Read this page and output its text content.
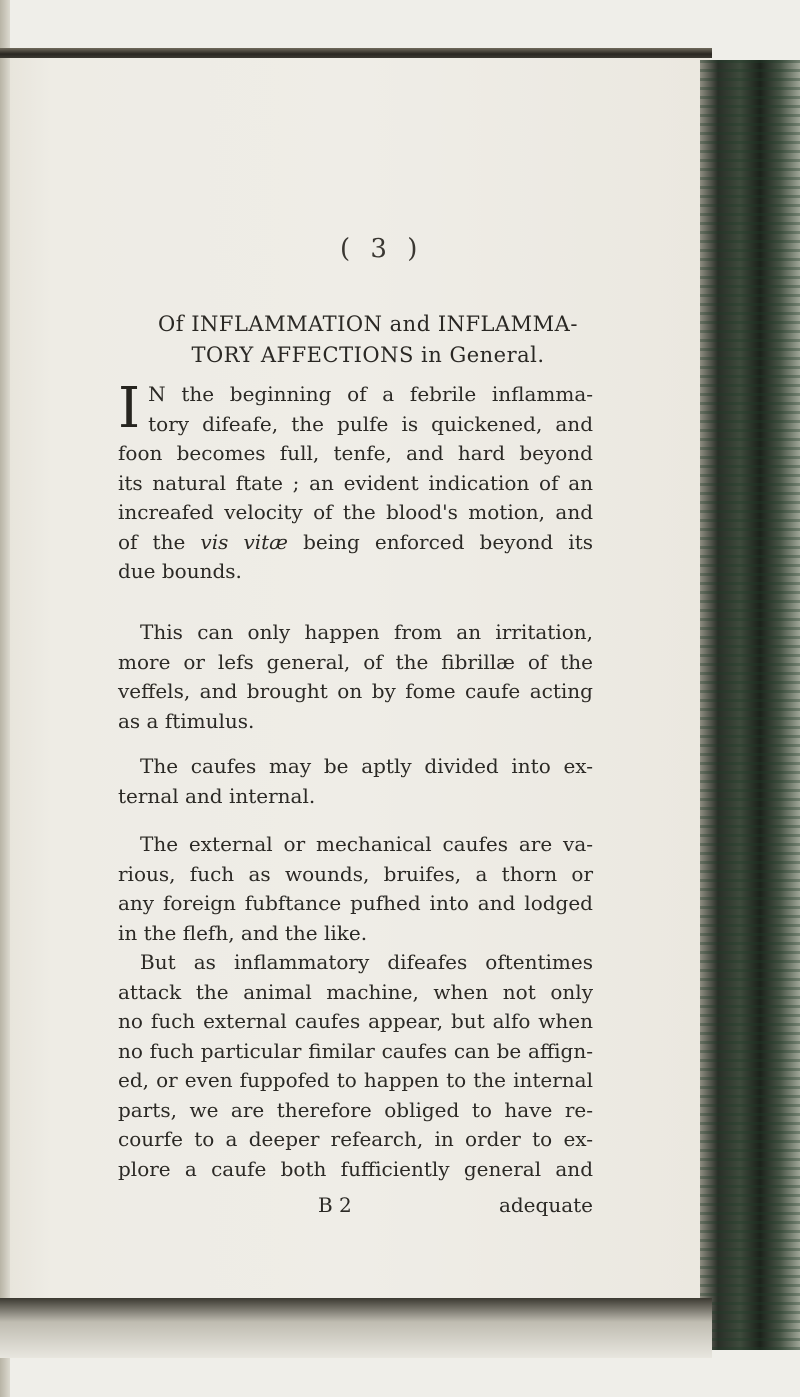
( 3 )
Of INFLAMMATION and INFLAMMA-
TORY AFFECTIONS in General.
I N the beginning of a febrile inflamma-
tory difeafe, the pulfe is quickened, and
foon becomes full, tenfe, and hard beyond
its natural ftate ; an evident indication of an
increafed velocity of the blood's motion, and
of the vis vitæ being enforced beyond its
due bounds.
This can only happen from an irritation,
more or lefs general, of the fibrillæ of the
veffels, and brought on by fome caufe acting
as a ftimulus.
The caufes may be aptly divided into ex-
ternal and internal.
The external or mechanical caufes are va-
rious, fuch as wounds, bruifes, a thorn or
any foreign fubftance pufhed into and lodged
in the flefh, and the like.
But as inflammatory difeafes oftentimes
attack the animal machine, when not only
no fuch external caufes appear, but alfo when
no fuch particular fimilar caufes can be affign-
ed, or even fuppofed to happen to the internal
parts, we are therefore obliged to have re-
courfe to a deeper refearch, in order to ex-
plore a caufe both fufficiently general and
B 2	adequate
